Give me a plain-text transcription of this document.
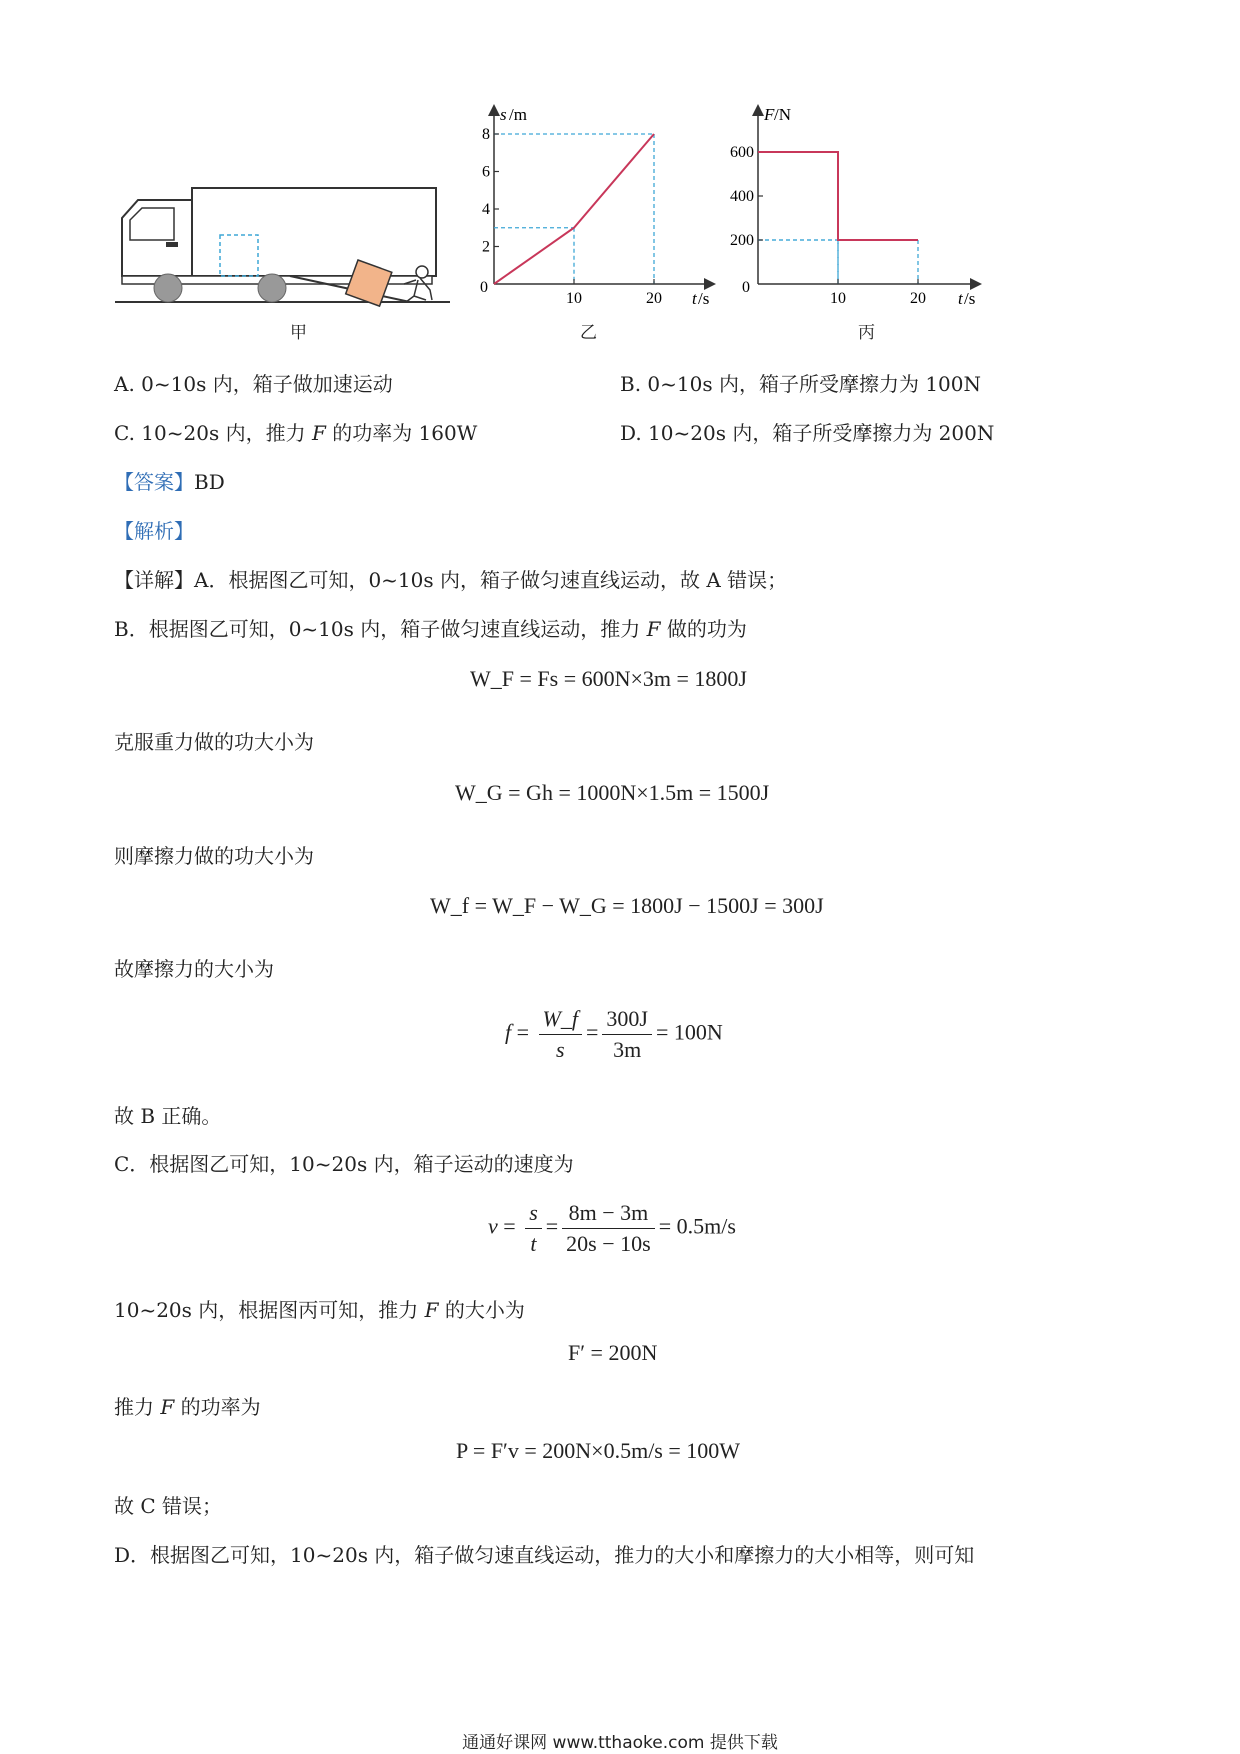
甲
10	20
2
4
6
8
s /m
0
t /s
乙
10	20
200
400
600
F /N
0
t /s
丙
A. 0~10s 内，箱子做加速运动	B. 0~10s 内，箱子所受摩擦力为 100N
C. 10~20s 内，推力 F 的功率为 160W	D. 10~20s 内，箱子所受摩擦力为 200N
【答案】BD
【解析】
【详解】A．根据图乙可知，0~10s 内，箱子做匀速直线运动，故 A 错误；
B．根据图乙可知，0~10s 内，箱子做匀速直线运动，推力 F 做的功为
W_F = Fs = 600N×3m = 1800J
克服重力做的功大小为
W_G = Gh = 1000N×1.5m = 1500J
则摩擦力做的功大小为
W_f = W_F − W_G = 1800J − 1500J = 300J
故摩擦力的大小为
$f = \frac{W\_f}{s} = \frac{300J}{3m} = 100N$
故 B 正确。
C．根据图乙可知，10~20s 内，箱子运动的速度为
$v = \frac{s}{t} = \frac{8m - 3m}{20s - 10s} = 0.5m/s$
10~20s 内，根据图丙可知，推力 F 的大小为
F′ = 200N
推力 F 的功率为
P = F′v = 200N×0.5m/s = 100W
故 C 错误；
D．根据图乙可知，10~20s 内，箱子做匀速直线运动，推力的大小和摩擦力的大小相等，则可知
通通好课网 www.tthaoke.com 提供下载
